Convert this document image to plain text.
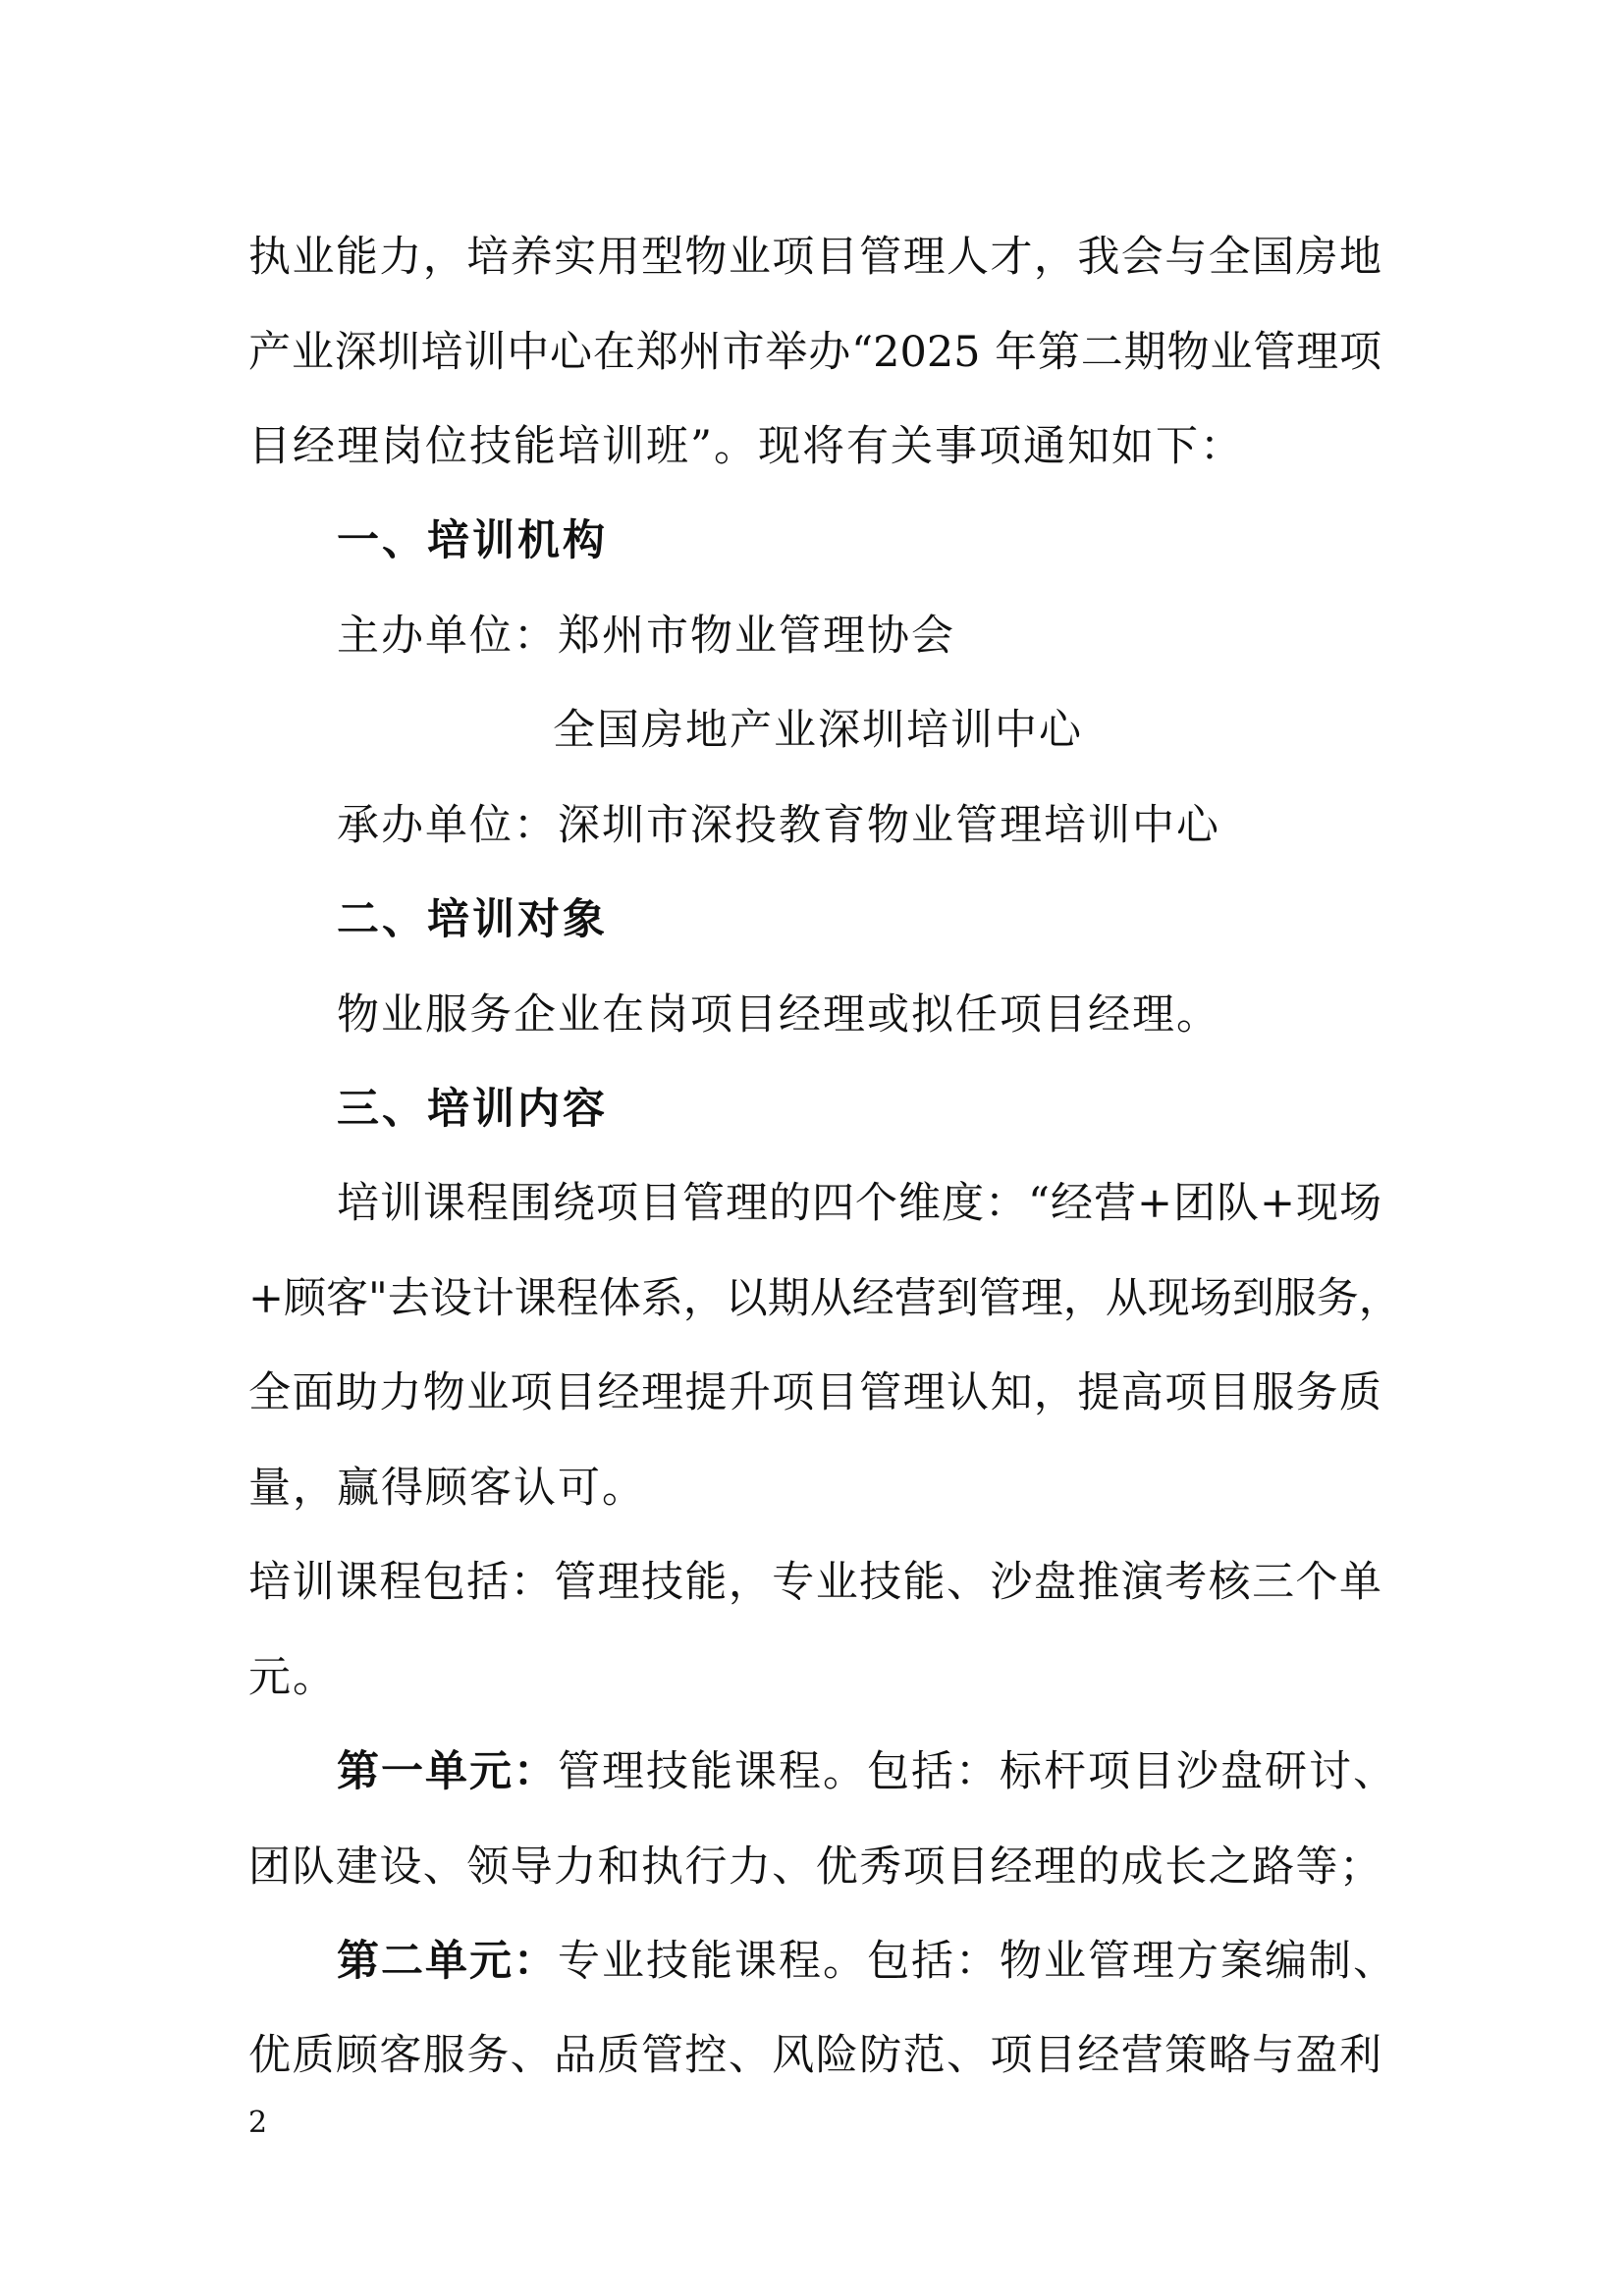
执业能力，培养实用型物业项目管理人才，我会与全国房地

产业深圳培训中心在郑州市举办“2025 年第二期物业管理项

目经理岗位技能培训班”。现将有关事项通知如下：

一、培训机构

主办单位：郑州市物业管理协会

全国房地产业深圳培训中心

承办单位：深圳市深投教育物业管理培训中心

二、培训对象

物业服务企业在岗项目经理或拟任项目经理。

三、培训内容

培训课程围绕项目管理的四个维度：“经营+团队+现场

+顾客"去设计课程体系，以期从经营到管理，从现场到服务，

全面助力物业项目经理提升项目管理认知，提高项目服务质

量，赢得顾客认可。

培训课程包括：管理技能，专业技能、沙盘推演考核三个单

元。

第一单元：管理技能课程。包括：标杆项目沙盘研讨、

团队建设、领导力和执行力、优秀项目经理的成长之路等；

第二单元：专业技能课程。包括：物业管理方案编制、

优质顾客服务、品质管控、风险防范、项目经营策略与盈利

2
